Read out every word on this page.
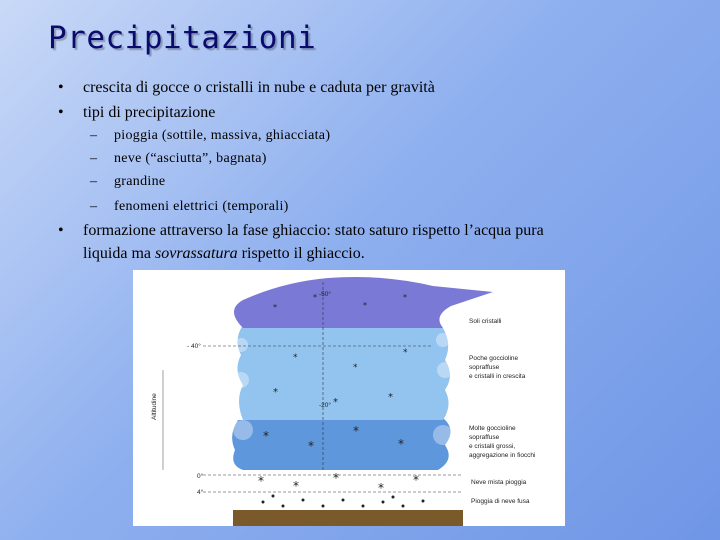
Precipitazioni
• crescita di gocce o cristalli in nube e caduta per gravità
• tipi di precipitazione
– pioggia (sottile, massiva, ghiacciata)
– neve (“asciutta”, bagnata)
– grandine
– fenomeni elettrici (temporali)
• formazione attraverso la fase ghiaccio: stato saturo rispetto l’acqua pura
liquida ma sovrassatura rispetto il ghiaccio.
*
*
*
*
*
*
*
*
*	*
*
*
*
*
* *
*
*
*
Altitudine
-50°
- 40°
-20°
0°
4°
Soli cristalli
Poche goccioline
sopraffuse
e cristalli in crescita
Molte goccioline
sopraffuse
e cristalli grossi,
aggregazione in fiocchi
Neve mista pioggia
Pioggia di neve fusa
